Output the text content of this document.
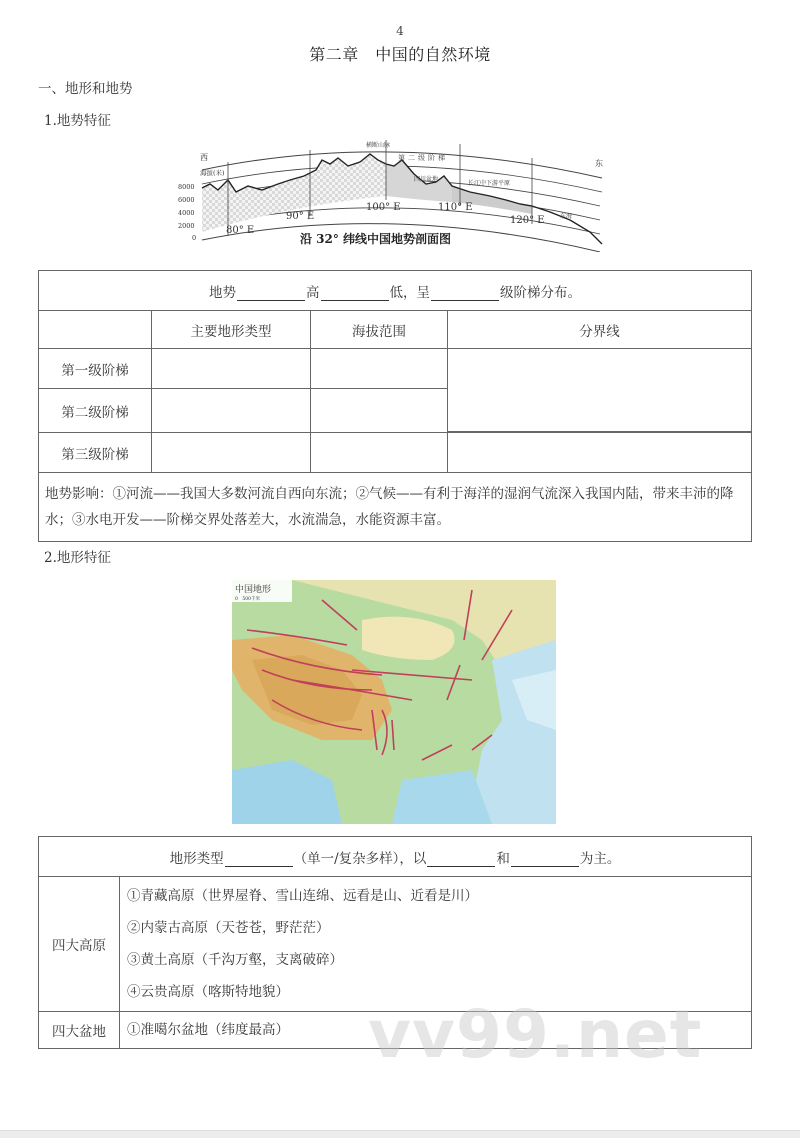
4
第二章　中国的自然环境
一、地形和地势
1.地势特征
西
东
海拔(米)
8000
6000
4000
2000
0
80° E
90° E
100° E	110° E
120° E
横断山脉
第二级阶梯
四川盆地
长江中下游平原
东海
沿 32° 纬线中国地势剖面图
地势 高 低，呈 级阶梯分布。			
	主要地形类型	海拔范围	分界线
第一级阶梯			
第二级阶梯			

第三级阶梯			
地势影响：①河流——我国大多数河流自西向东流；②气候——有利于海洋的湿润气流深入我国内陆，带来丰沛的降水；③水电开发——阶梯交界处落差大，水流湍急，水能资源丰富。			
2.地形特征
中国地形
0　500千米
地形类型 （单一/复杂多样），以 和 为主。	
四大高原	①青藏高原（世界屋脊、雪山连绵、远看是山、近看是川）
②内蒙古高原（天苍苍，野茫茫）
③黄土高原（千沟万壑，支离破碎）
④云贵高原（喀斯特地貌）

四大盆地	①准噶尔盆地（纬度最高）	vv99.net
